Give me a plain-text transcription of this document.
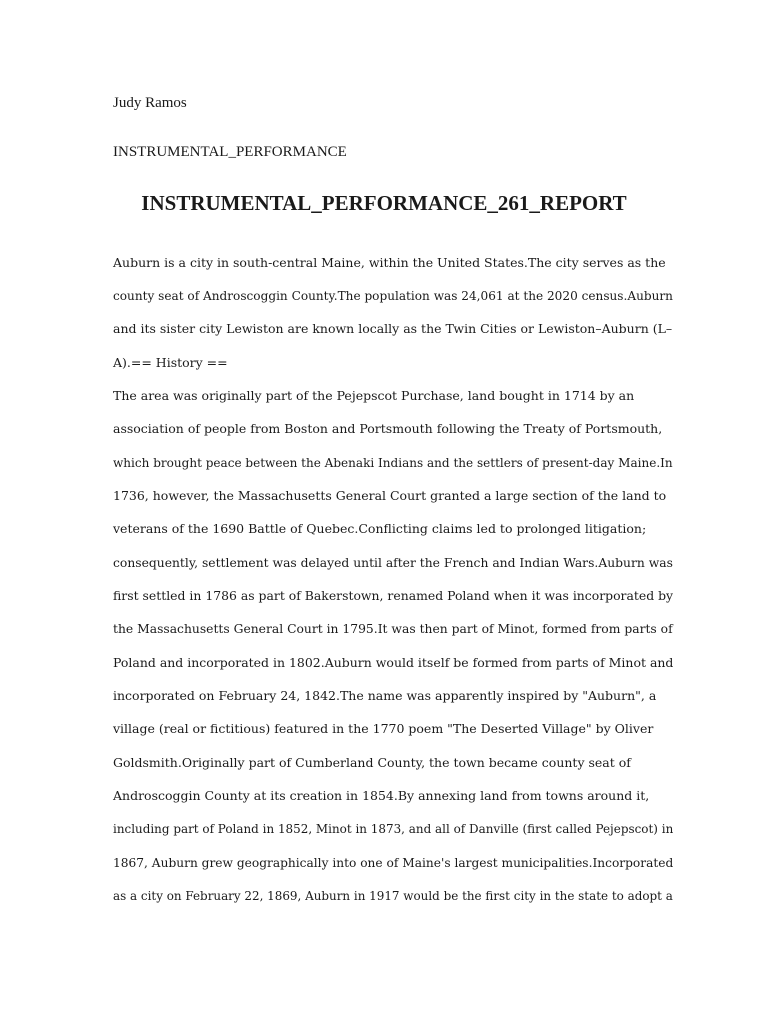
Judy Ramos
INSTRUMENTAL_PERFORMANCE
INSTRUMENTAL_PERFORMANCE_261_REPORT
Auburn is a city in south-central Maine, within the United States.The city serves as the
county seat of Androscoggin County.The population was 24,061 at the 2020 census.Auburn
and its sister city Lewiston are known locally as the Twin Cities or Lewiston–Auburn (L–
A).== History ==
The area was originally part of the Pejepscot Purchase, land bought in 1714 by an
association of people from Boston and Portsmouth following the Treaty of Portsmouth,
which brought peace between the Abenaki Indians and the settlers of present-day Maine.In
1736, however, the Massachusetts General Court granted a large section of the land to
veterans of the 1690 Battle of Quebec.Conflicting claims led to prolonged litigation;
consequently, settlement was delayed until after the French and Indian Wars.Auburn was
first settled in 1786 as part of Bakerstown, renamed Poland when it was incorporated by
the Massachusetts General Court in 1795.It was then part of Minot, formed from parts of
Poland and incorporated in 1802.Auburn would itself be formed from parts of Minot and
incorporated on February 24, 1842.The name was apparently inspired by "Auburn", a
village (real or fictitious) featured in the 1770 poem "The Deserted Village" by Oliver
Goldsmith.Originally part of Cumberland County, the town became county seat of
Androscoggin County at its creation in 1854.By annexing land from towns around it,
including part of Poland in 1852, Minot in 1873, and all of Danville (first called Pejepscot) in
1867, Auburn grew geographically into one of Maine's largest municipalities.Incorporated
as a city on February 22, 1869, Auburn in 1917 would be the first city in the state to adopt a
